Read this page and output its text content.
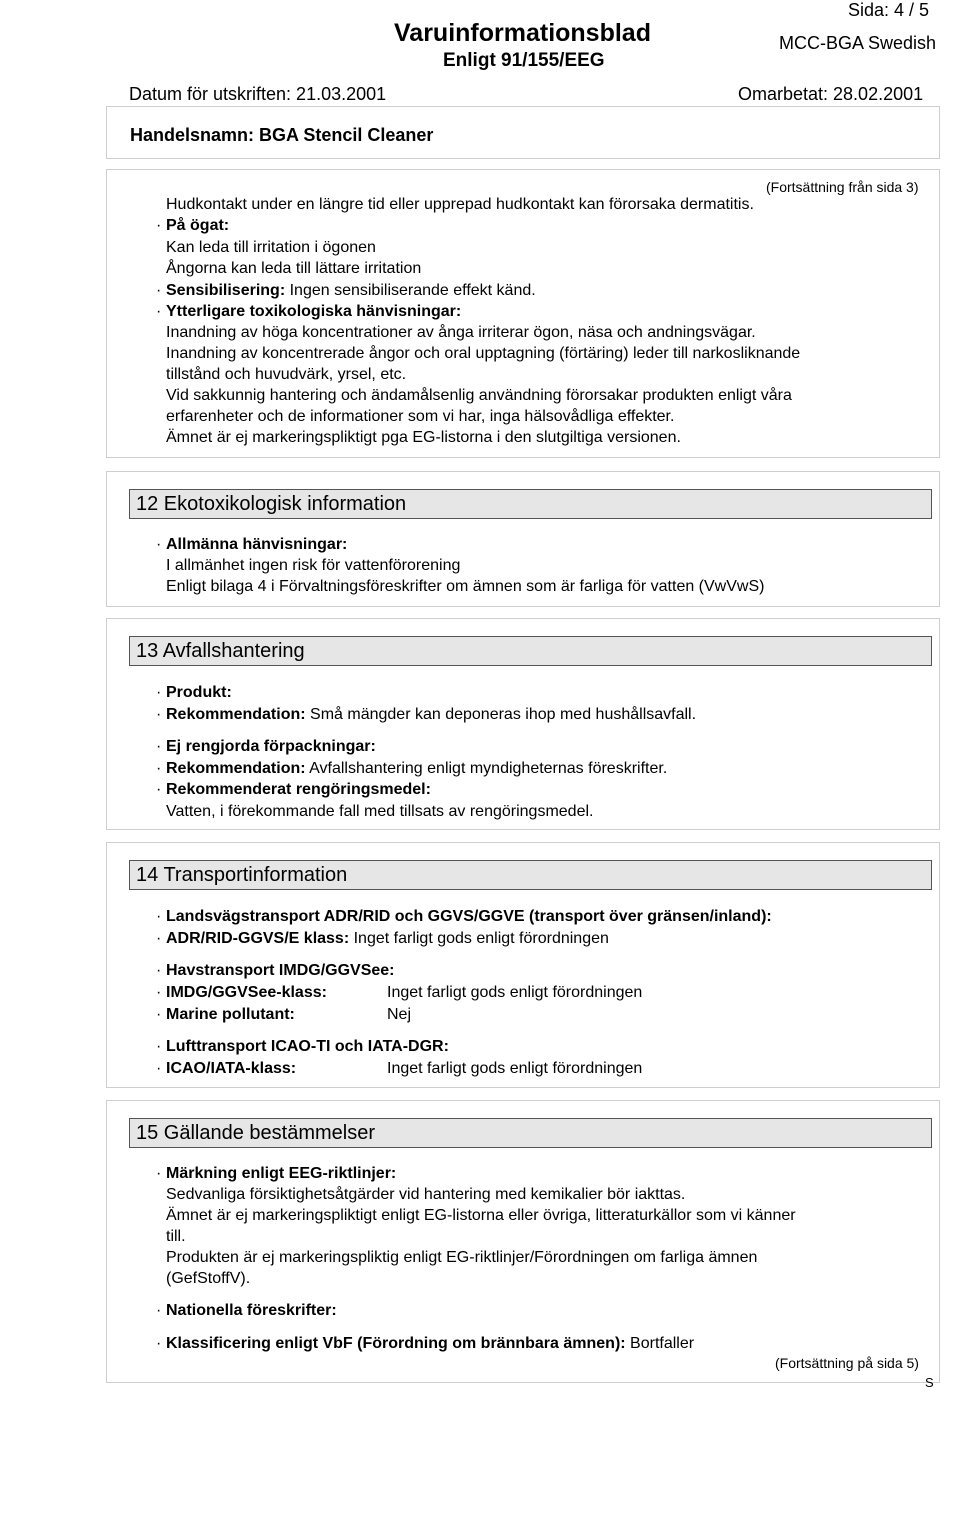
Sida: 4 / 5
Varuinformationsblad
Enligt 91/155/EEG
MCC-BGA Swedish
Datum för utskriften: 21.03.2001	Omarbetat: 28.02.2001
Handelsnamn: BGA Stencil Cleaner
(Fortsättning från sida 3)
Hudkontakt under en längre tid eller upprepad hudkontakt kan förorsaka dermatitis.
· På ögat:
Kan leda till irritation i ögonen
Ångorna kan leda till lättare irritation
· Sensibilisering: Ingen sensibiliserande effekt känd.
· Ytterligare toxikologiska hänvisningar:
Inandning av höga koncentrationer av ånga irriterar ögon, näsa och andningsvägar.
Inandning av koncentrerade ångor och oral upptagning (förtäring) leder till narkosliknande
tillstånd och huvudvärk, yrsel, etc.
Vid sakkunnig hantering och ändamålsenlig användning förorsakar produkten enligt våra
erfarenheter och de informationer som vi har, inga hälsovådliga effekter.
Ämnet är ej markeringspliktigt pga EG-listorna i den slutgiltiga versionen.
12 Ekotoxikologisk information
· Allmänna hänvisningar:
I allmänhet ingen risk för vattenförorening
Enligt bilaga 4 i Förvaltningsföreskrifter om ämnen som är farliga för vatten (VwVwS)
13 Avfallshantering
· Produkt:
· Rekommendation: Små mängder kan deponeras ihop med hushållsavfall.
· Ej rengjorda förpackningar:
· Rekommendation: Avfallshantering enligt myndigheternas föreskrifter.
· Rekommenderat rengöringsmedel:
Vatten, i förekommande fall med tillsats av rengöringsmedel.
14 Transportinformation
· Landsvägstransport ADR/RID och GGVS/GGVE (transport över gränsen/inland):
· ADR/RID-GGVS/E klass: Inget farligt gods enligt förordningen
· Havstransport IMDG/GGVSee:
· IMDG/GGVSee-klass:	Inget farligt gods enligt förordningen
· Marine pollutant:	Nej
· Lufttransport ICAO-TI och IATA-DGR:
· ICAO/IATA-klass:	Inget farligt gods enligt förordningen
15 Gällande bestämmelser
· Märkning enligt EEG-riktlinjer:
Sedvanliga försiktighetsåtgärder vid hantering med kemikalier bör iakttas.
Ämnet är ej markeringspliktigt enligt EG-listorna eller övriga, litteraturkällor som vi känner
till.
Produkten är ej markeringspliktig enligt EG-riktlinjer/Förordningen om farliga ämnen
(GefStoffV).
· Nationella föreskrifter:
· Klassificering enligt VbF (Förordning om brännbara ämnen): Bortfaller
(Fortsättning på sida 5)
S
